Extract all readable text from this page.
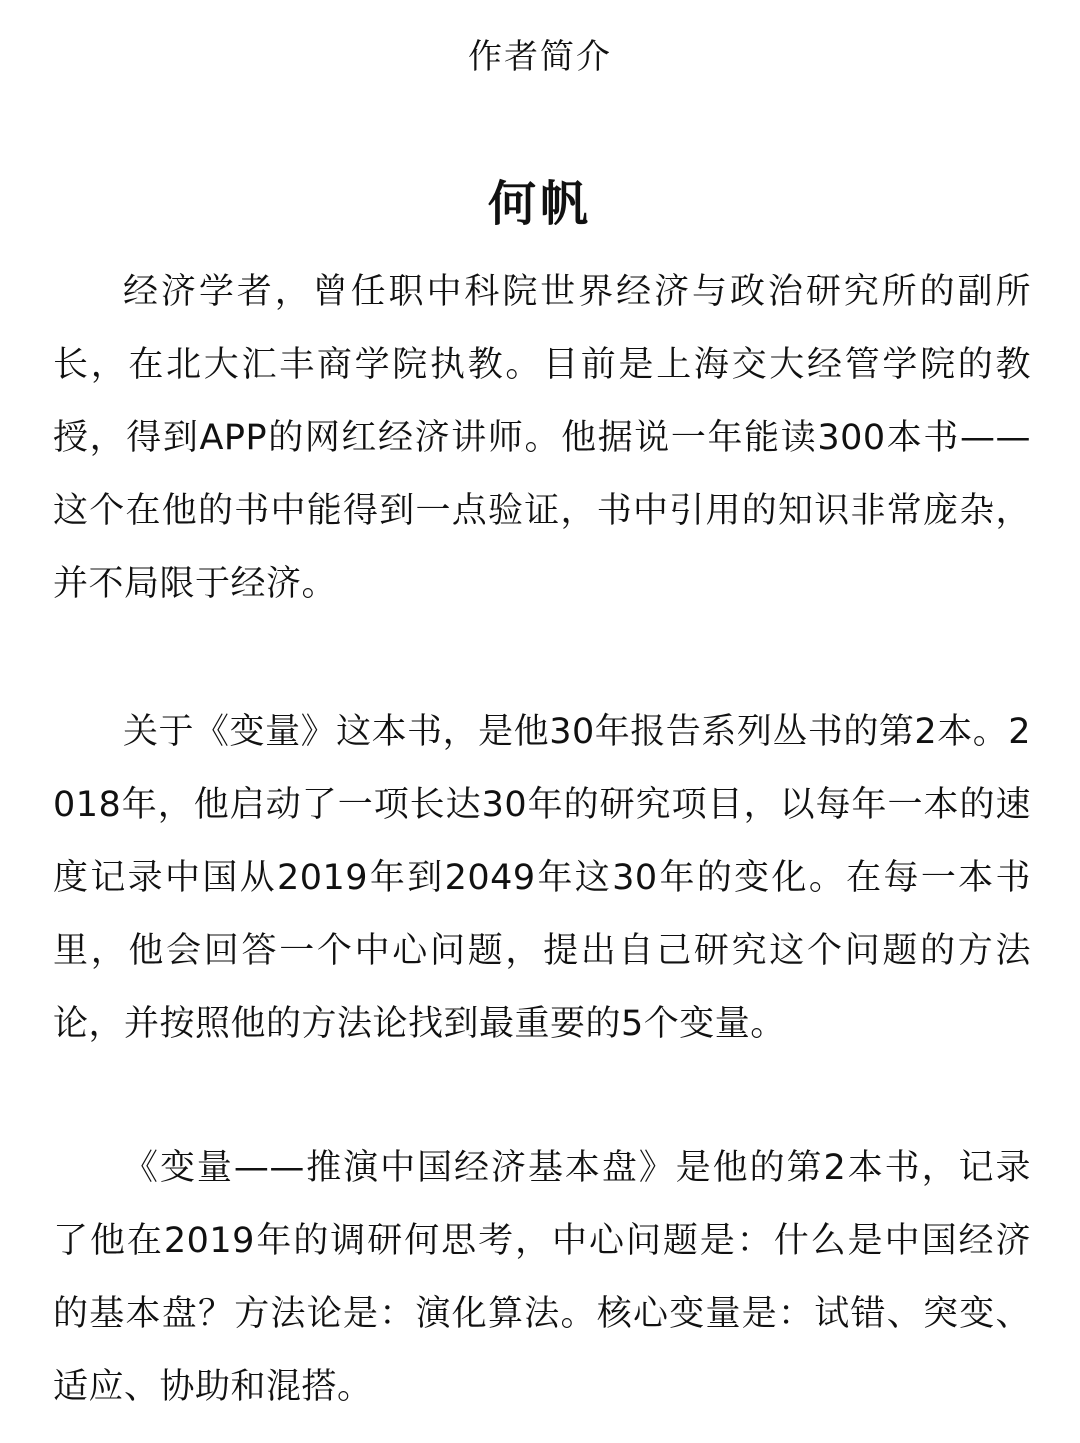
作者简介
何帆

经济学者，曾任职中科院世界经济与政治研究所的副所长，在北大汇丰商学院执教。目前是上海交大经管学院的教授，得到APP的网红经济讲师。他据说一年能读300本书——这个在他的书中能得到一点验证，书中引用的知识非常庞杂，并不局限于经济。

关于《变量》这本书，是他30年报告系列丛书的第2本。2018年，他启动了一项长达30年的研究项目，以每年一本的速度记录中国从2019年到2049年这30年的变化。在每一本书里，他会回答一个中心问题，提出自己研究这个问题的方法论，并按照他的方法论找到最重要的5个变量。

《变量——推演中国经济基本盘》是他的第2本书，记录了他在2019年的调研何思考，中心问题是：什么是中国经济的基本盘？方法论是：演化算法。核心变量是：试错、突变、适应、协助和混搭。
